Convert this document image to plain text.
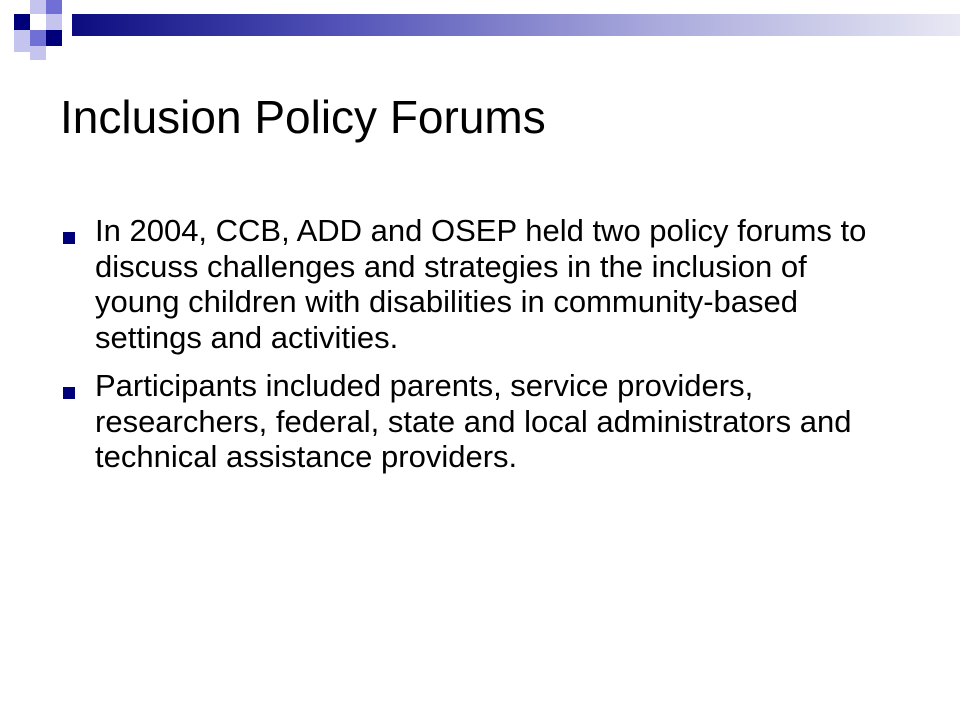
Inclusion Policy Forums
In 2004, CCB, ADD and OSEP held two policy forums to discuss challenges and strategies in the inclusion of young children with disabilities in community-based settings and activities.
Participants included parents, service providers, researchers, federal, state and local administrators and technical assistance providers.
